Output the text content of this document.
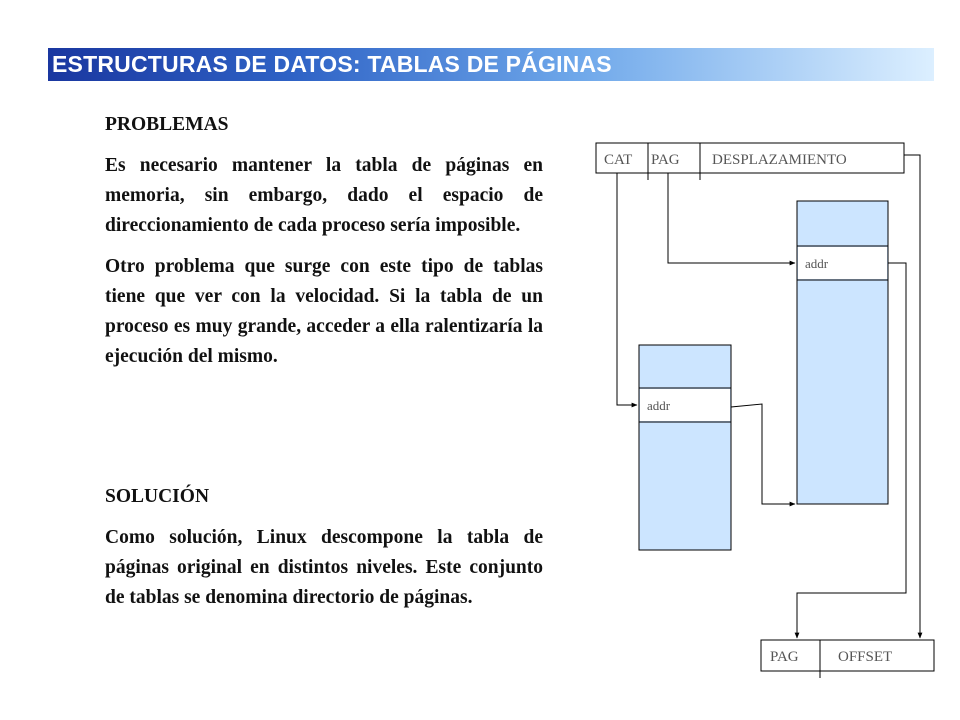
ESTRUCTURAS DE DATOS: TABLAS DE PÁGINAS

PROBLEMAS

Es necesario mantener la tabla de páginas en memoria, sin embargo, dado el espacio de direccionamiento de cada proceso sería imposible.

Otro problema que surge con este tipo de tablas tiene que ver con la velocidad. Si la tabla de un proceso es muy grande, acceder a ella ralentizaría la ejecución del mismo.

SOLUCIÓN

Como solución, Linux descompone la tabla de páginas original en distintos niveles. Este conjunto de tablas se denomina directorio de páginas.

CAT PAG DESPLAZAMIENTO
addr
addr
PAG	OFFSET
